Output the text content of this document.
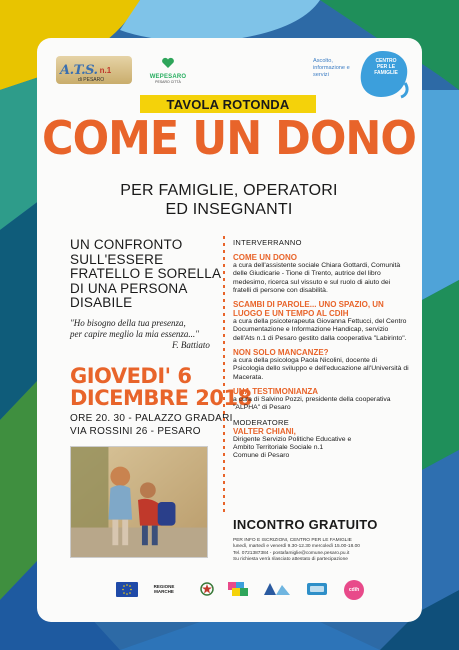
A.T.S. n.1
di PESARO	WEPESARO
PESARO CITTÀ
Ascolto,
informazione e
servizi
CENTRO
PER LE
FAMIGLIE
TAVOLA ROTONDA
COME UN DONO
PER FAMIGLIE, OPERATORI
ED INSEGNANTI
UN CONFRONTO
SULL'ESSERE
FRATELLO E SORELLA
DI UNA PERSONA
DISABILE
"Ho bisogno della tua presenza,
per capire meglio la mia essenza..."
F. Battiato
GIOVEDI' 6
DICEMBRE 2018
ORE 20. 30 - PALAZZO GRADARI
VIA ROSSINI 26 - PESARO
INTERVERRANNO
COME UN DONO
a cura dell'assistente sociale Chiara Gottardi, Comunità delle Giudicarie - Tione di Trento, autrice del libro medesimo, ricerca sul vissuto e sul ruolo di aiuto dei fratelli di persone con disabilità.
SCAMBI DI PAROLE... UNO SPAZIO, UN LUOGO E UN TEMPO AL CDIH
a cura della psicoterapeuta Giovanna Fettucci, del Centro Documentazione e Informazione Handicap, servizio dell'Ats n.1 di Pesaro gestito dalla cooperativa "Labirinto".
NON SOLO MANCANZE?
a cura della psicologa Paola Nicolini, docente di Psicologia dello sviluppo e dell'educazione all'Università di Macerata.
UNA TESTIMONIANZA
a cura di Salvino Pozzi, presidente della cooperativa "ALPHA" di Pesaro
MODERATORE
VALTER CHIANI,
Dirigente Servizio Politiche Educative e
Ambito Territoriale Sociale n.1
Comune di Pesaro
INCONTRO GRATUITO
PER INFO E ISCRIZIONI, CENTRO PER LE FAMIGLIE
lunedì, martedì e venerdì 9.30-12.30 mercoledì 15.00-18.00
Tel. 0721387384 - postafamiglie@comune.pesaro.pu.it
Su richiesta verrà rilasciato attestato di partecipazione
REGIONE
MARCHE	cdih
